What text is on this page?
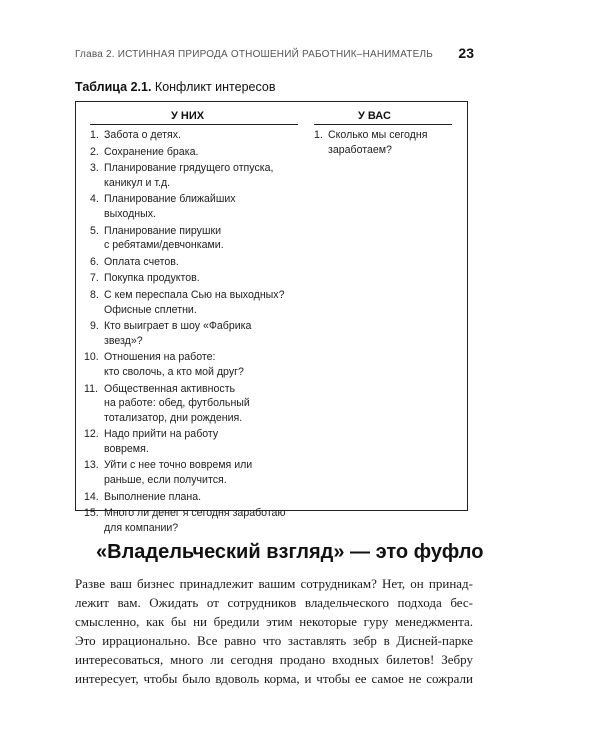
Глава 2. ИСТИННАЯ ПРИРОДА ОТНОШЕНИЙ РАБОТНИК–НАНИМАТЕЛЬ	23
Таблица 2.1. Конфликт интересов
У НИХ	У ВАС
1. Забота о детях.
2. Сохранение брака.
3. Планирование грядущего отпуска,
каникул и т.д.
4. Планирование ближайших
выходных.
5. Планирование пирушки
с ребятами/девчонками.
6. Оплата счетов.
7. Покупка продуктов.
8. С кем переспала Сью на выходных?
Офисные сплетни.
9. Кто выиграет в шоу «Фабрика
звезд»?
10. Отношения на работе:
кто сволочь, а кто мой друг?
11. Общественная активность
на работе: обед, футбольный
тотализатор, дни рождения.
12. Надо прийти на работу
вовремя.
13. Уйти с нее точно вовремя или
раньше, если получится.
14. Выполнение плана.
15. Много ли денег я сегодня заработаю
для компании?
1. Сколько мы сегодня
заработаем?
«Владельческий взгляд» — это фуфло

Разве ваш бизнес принадлежит вашим сотрудникам? Нет, он принад-
лежит вам. Ожидать от сотрудников владельческого подхода бес-
смысленно, как бы ни бредили этим некоторые гуру менеджмента.
Это иррационально. Все равно что заставлять зебр в Дисней-парке
интересоваться, много ли сегодня продано входных билетов! Зебру
интересует, чтобы было вдоволь корма, и чтобы ее самое не сожрали
